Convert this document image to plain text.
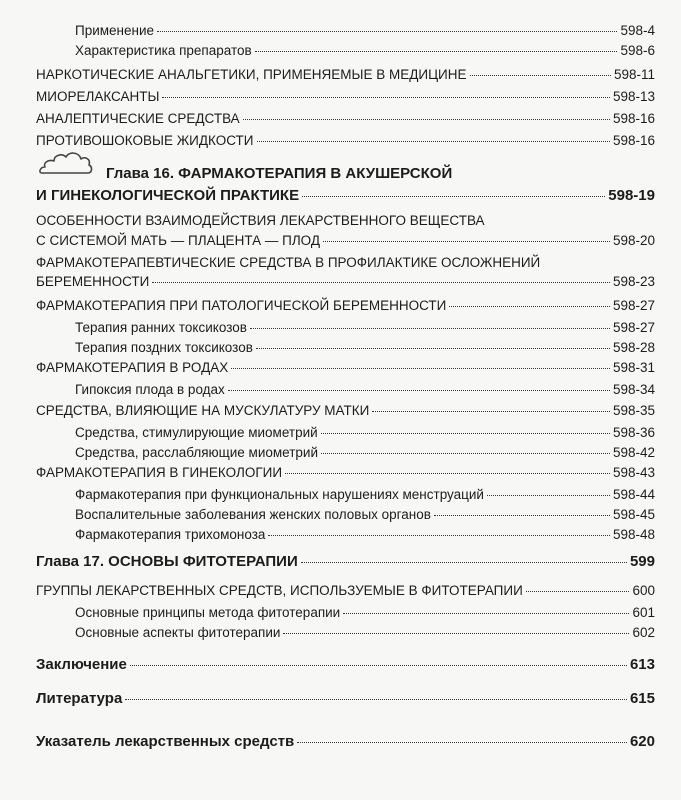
Применение	598-4
Характеристика препаратов	598-6
НАРКОТИЧЕСКИЕ АНАЛЬГЕТИКИ, ПРИМЕНЯЕМЫЕ В МЕДИЦИНЕ	598-11
МИОРЕЛАКСАНТЫ	598-13
АНАЛЕПТИЧЕСКИЕ СРЕДСТВА	598-16
ПРОТИВОШОКОВЫЕ ЖИДКОСТИ	598-16
Глава 16. ФАРМАКОТЕРАПИЯ В АКУШЕРСКОЙ
И ГИНЕКОЛОГИЧЕСКОЙ ПРАКТИКЕ	598-19
ОСОБЕННОСТИ ВЗАИМОДЕЙСТВИЯ ЛЕКАРСТВЕННОГО ВЕЩЕСТВА
С СИСТЕМОЙ МАТЬ — ПЛАЦЕНТА — ПЛОД	598-20
ФАРМАКОТЕРАПЕВТИЧЕСКИЕ СРЕДСТВА В ПРОФИЛАКТИКЕ ОСЛОЖНЕНИЙ
БЕРЕМЕННОСТИ	598-23
ФАРМАКОТЕРАПИЯ ПРИ ПАТОЛОГИЧЕСКОЙ БЕРЕМЕННОСТИ	598-27
Терапия ранних токсикозов	598-27
Терапия поздних токсикозов	598-28
ФАРМАКОТЕРАПИЯ В РОДАХ	598-31
Гипоксия плода в родах	598-34
СРЕДСТВА, ВЛИЯЮЩИЕ НА МУСКУЛАТУРУ МАТКИ	598-35
Средства, стимулирующие миометрий	598-36
Средства, расслабляющие миометрий	598-42
ФАРМАКОТЕРАПИЯ В ГИНЕКОЛОГИИ	598-43
Фармакотерапия при функциональных нарушениях менструаций	598-44
Воспалительные заболевания женских половых органов	598-45
Фармакотерапия трихомоноза	598-48
Глава 17. ОСНОВЫ ФИТОТЕРАПИИ	599
ГРУППЫ ЛЕКАРСТВЕННЫХ СРЕДСТВ, ИСПОЛЬЗУЕМЫЕ В ФИТОТЕРАПИИ	600
Основные принципы метода фитотерапии	601
Основные аспекты фитотерапии	602
Заключение	613
Литература	615
Указатель лекарственных средств	620
